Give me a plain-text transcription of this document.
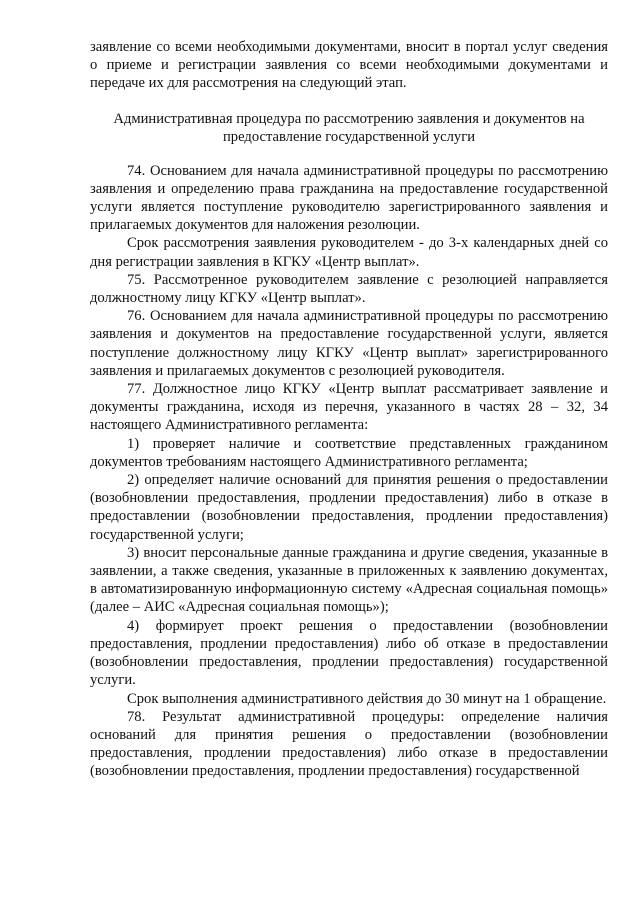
заявление со всеми необходимыми документами, вносит в портал услуг сведения о приеме и регистрации заявления со всеми необходимыми документами и передаче их для рассмотрения на следующий этап.

Административная процедура по рассмотрению заявления и документов на предоставление государственной услуги

74. Основанием для начала административной процедуры по рассмотрению заявления и определению права гражданина на предоставление государственной услуги является поступление руководителю зарегистрированного заявления и прилагаемых документов для наложения резолюции.

Срок рассмотрения заявления руководителем - до 3-х календарных дней со дня регистрации заявления в КГКУ «Центр выплат».

75. Рассмотренное руководителем заявление с резолюцией направляется должностному лицу КГКУ «Центр выплат».

76. Основанием для начала административной процедуры по рассмотрению заявления и документов на предоставление государственной услуги, является поступление должностному лицу КГКУ «Центр выплат» зарегистрированного заявления и прилагаемых документов с резолюцией руководителя.

77. Должностное лицо КГКУ «Центр выплат рассматривает заявление и документы гражданина, исходя из перечня, указанного в частях 28 – 32, 34 настоящего Административного регламента:

1) проверяет наличие и соответствие представленных гражданином документов требованиям настоящего Административного регламента;

2) определяет наличие оснований для принятия решения о предоставлении (возобновлении предоставления, продлении предоставления) либо в отказе в предоставлении (возобновлении предоставления, продлении предоставления) государственной услуги;

3) вносит персональные данные гражданина и другие сведения, указанные в заявлении, а также сведения, указанные в приложенных к заявлению документах, в автоматизированную информационную систему «Адресная социальная помощь» (далее – АИС «Адресная социальная помощь»);

4) формирует проект решения о предоставлении (возобновлении предоставления, продлении предоставления) либо об отказе в предоставлении (возобновлении предоставления, продлении предоставления) государственной услуги.

Срок выполнения административного действия до 30 минут на 1 обращение.

78. Результат административной процедуры: определение наличия оснований для принятия решения о предоставлении (возобновлении предоставления, продлении предоставления) либо отказе в предоставлении (возобновлении предоставления, продлении предоставления) государственной
